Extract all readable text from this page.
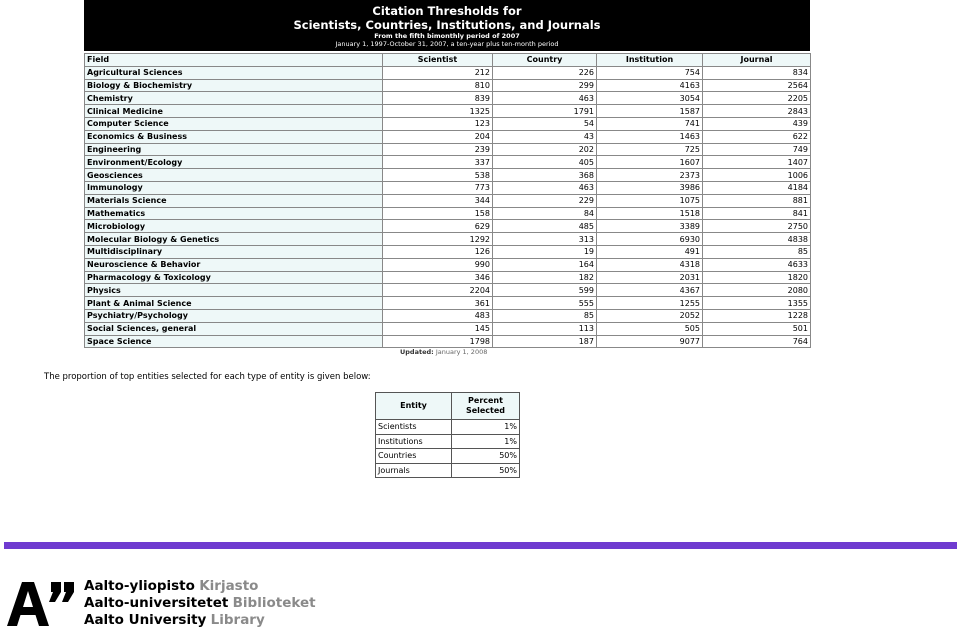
Citation Thresholds for
Scientists, Countries, Institutions, and Journals
From the fifth bimonthly period of 2007
January 1, 1997-October 31, 2007, a ten-year plus ten-month period
Field	Scientist	Country	Institution	Journal
Agricultural Sciences	212	226	754	834
Biology & Biochemistry	810	299	4163	2564
Chemistry	839	463	3054	2205
Clinical Medicine	1325	1791	1587	2843
Computer Science	123	54	741	439
Economics & Business	204	43	1463	622
Engineering	239	202	725	749
Environment/Ecology	337	405	1607	1407
Geosciences	538	368	2373	1006
Immunology	773	463	3986	4184
Materials Science	344	229	1075	881
Mathematics	158	84	1518	841
Microbiology	629	485	3389	2750
Molecular Biology & Genetics	1292	313	6930	4838
Multidisciplinary	126	19	491	85
Neuroscience & Behavior	990	164	4318	4633
Pharmacology & Toxicology	346	182	2031	1820
Physics	2204	599	4367	2080
Plant & Animal Science	361	555	1255	1355
Psychiatry/Psychology	483	85	2052	1228
Social Sciences, general	145	113	505	501
Space Science	1798	187	9077	764
Updated: January 1, 2008
The proportion of top entities selected for each type of entity is given below:
Entity	Percent
Selected

Scientists	1%
Institutions	1%
Countries	50%
Journals	50%
Aalto-yliopisto Kirjasto
Aalto-universitetet Biblioteket
Aalto University Library
